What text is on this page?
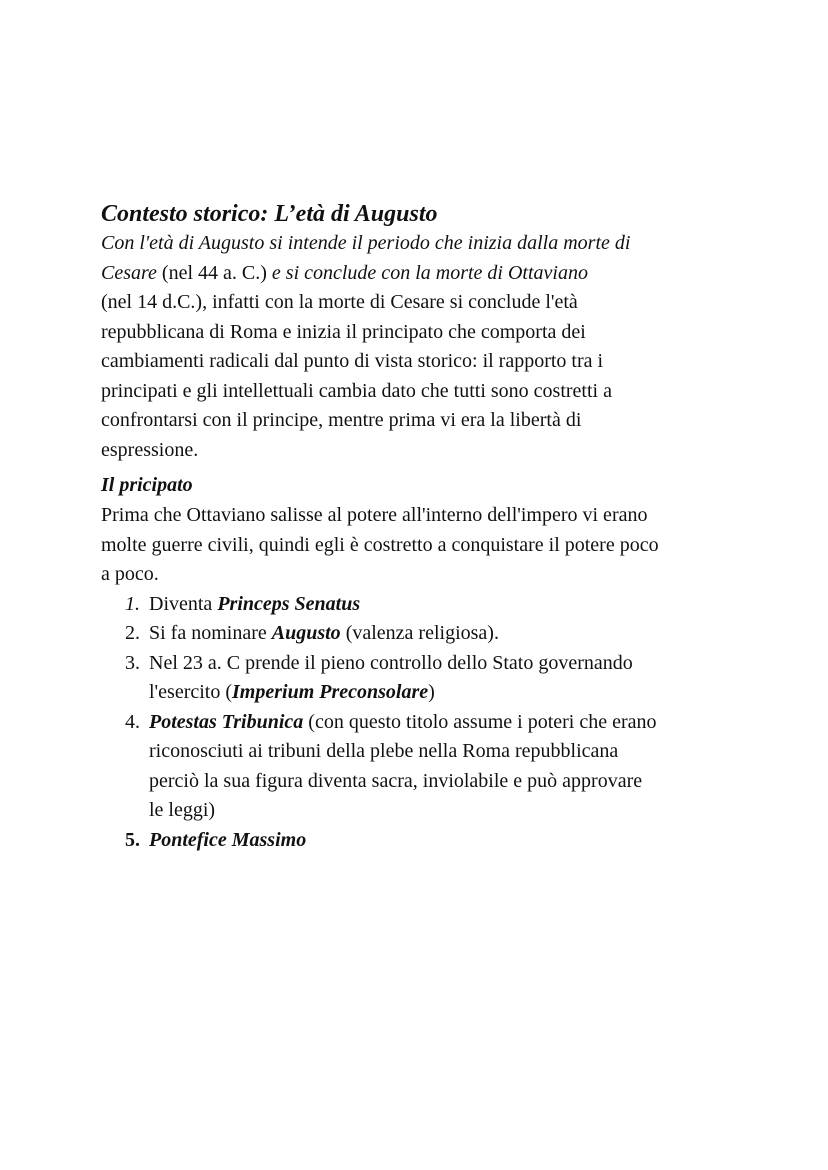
Contesto storico: L’età di Augusto
Con l'età di Augusto si intende il periodo che inizia dalla morte di
Cesare (nel 44 a. C.) e si conclude con la morte di Ottaviano
(nel 14 d.C.), infatti con la morte di Cesare si conclude l'età
repubblicana di Roma e inizia il principato che comporta dei
cambiamenti radicali dal punto di vista storico: il rapporto tra i
principati e gli intellettuali cambia dato che tutti sono costretti a
confrontarsi con il principe, mentre prima vi era la libertà di
espressione.
Il pricipato
Prima che Ottaviano salisse al potere all'interno dell'impero vi erano
molte guerre civili, quindi egli è costretto a conquistare il potere poco
a poco.
1. Diventa Princeps Senatus
2. Si fa nominare Augusto (valenza religiosa).
3. Nel 23 a. C prende il pieno controllo dello Stato governando
l'esercito (Imperium Preconsolare)
4. Potestas Tribunica (con questo titolo assume i poteri che erano
riconosciuti ai tribuni della plebe nella Roma repubblicana
perciò la sua figura diventa sacra, inviolabile e può approvare
le leggi)
5. Pontefice Massimo
